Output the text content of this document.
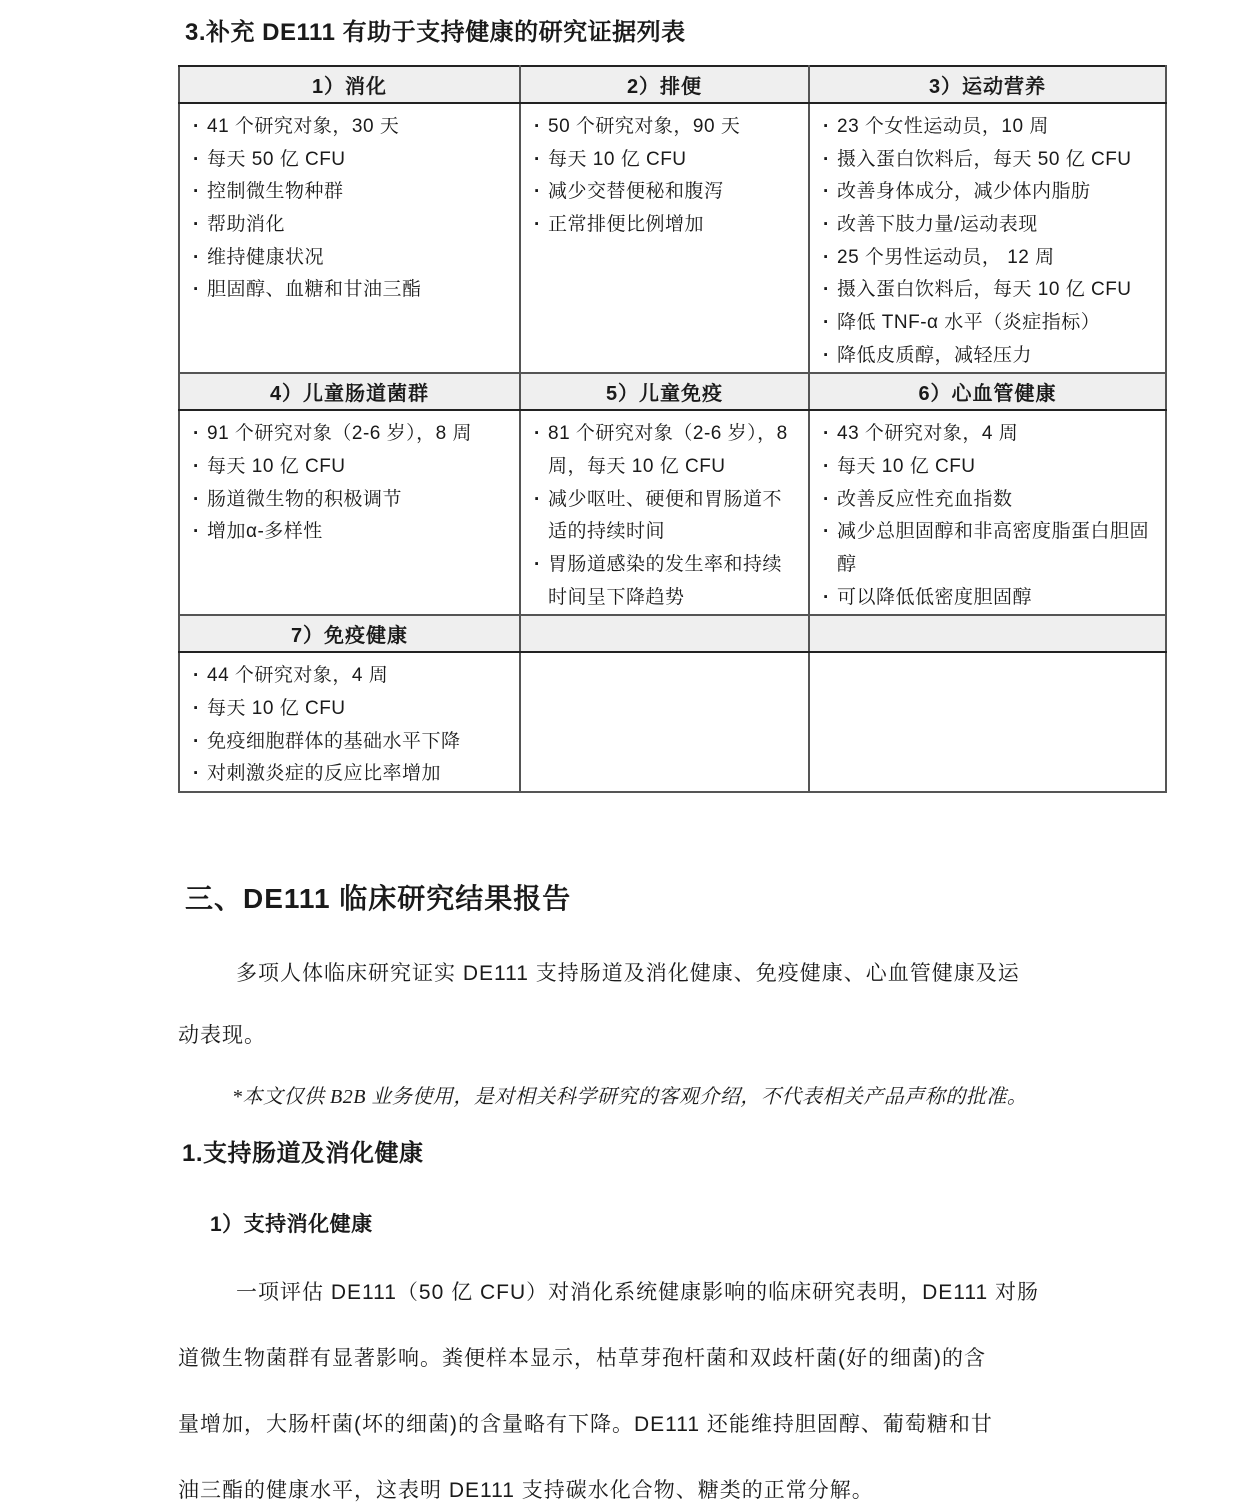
3.补充 DE111 有助于支持健康的研究证据列表
1）消化	2）排便	3）运动营养

· 41 个研究对象，30 天
· 每天 50 亿 CFU
· 控制微生物种群
· 帮助消化
· 维持健康状况
· 胆固醇、血糖和甘油三酯

· 50 个研究对象，90 天
· 每天 10 亿 CFU
· 减少交替便秘和腹泻
· 正常排便比例增加

· 23 个女性运动员，10 周
· 摄入蛋白饮料后，每天 50 亿 CFU
· 改善身体成分，减少体内脂肪
· 改善下肢力量/运动表现
· 25 个男性运动员， 12 周
· 摄入蛋白饮料后，每天 10 亿 CFU
· 降低 TNF-α 水平（炎症指标）
· 降低皮质醇，减轻压力

4）儿童肠道菌群	5）儿童免疫	6）心血管健康

· 91 个研究对象（2-6 岁），8 周
· 每天 10 亿 CFU
· 肠道微生物的积极调节
· 增加α-多样性

· 81 个研究对象（2-6 岁），8 周，每天 10 亿 CFU
· 减少呕吐、硬便和胃肠道不适的持续时间
· 胃肠道感染的发生率和持续时间呈下降趋势

· 43 个研究对象，4 周
· 每天 10 亿 CFU
· 改善反应性充血指数
· 减少总胆固醇和非高密度脂蛋白胆固醇
· 可以降低低密度胆固醇

7）免疫健康		

· 44 个研究对象，4 周
· 每天 10 亿 CFU
· 免疫细胞群体的基础水平下降
· 对刺激炎症的反应比率增加

三、DE111 临床研究结果报告
多项人体临床研究证实 DE111 支持肠道及消化健康、免疫健康、心血管健康及运
动表现。
*本文仅供 B2B 业务使用，是对相关科学研究的客观介绍，不代表相关产品声称的批准。
1.支持肠道及消化健康
1）支持消化健康
一项评估 DE111（50 亿 CFU）对消化系统健康影响的临床研究表明，DE111 对肠
道微生物菌群有显著影响。粪便样本显示，枯草芽孢杆菌和双歧杆菌(好的细菌)的含
量增加，大肠杆菌(坏的细菌)的含量略有下降。DE111 还能维持胆固醇、葡萄糖和甘
油三酯的健康水平，这表明 DE111 支持碳水化合物、糖类的正常分解。
